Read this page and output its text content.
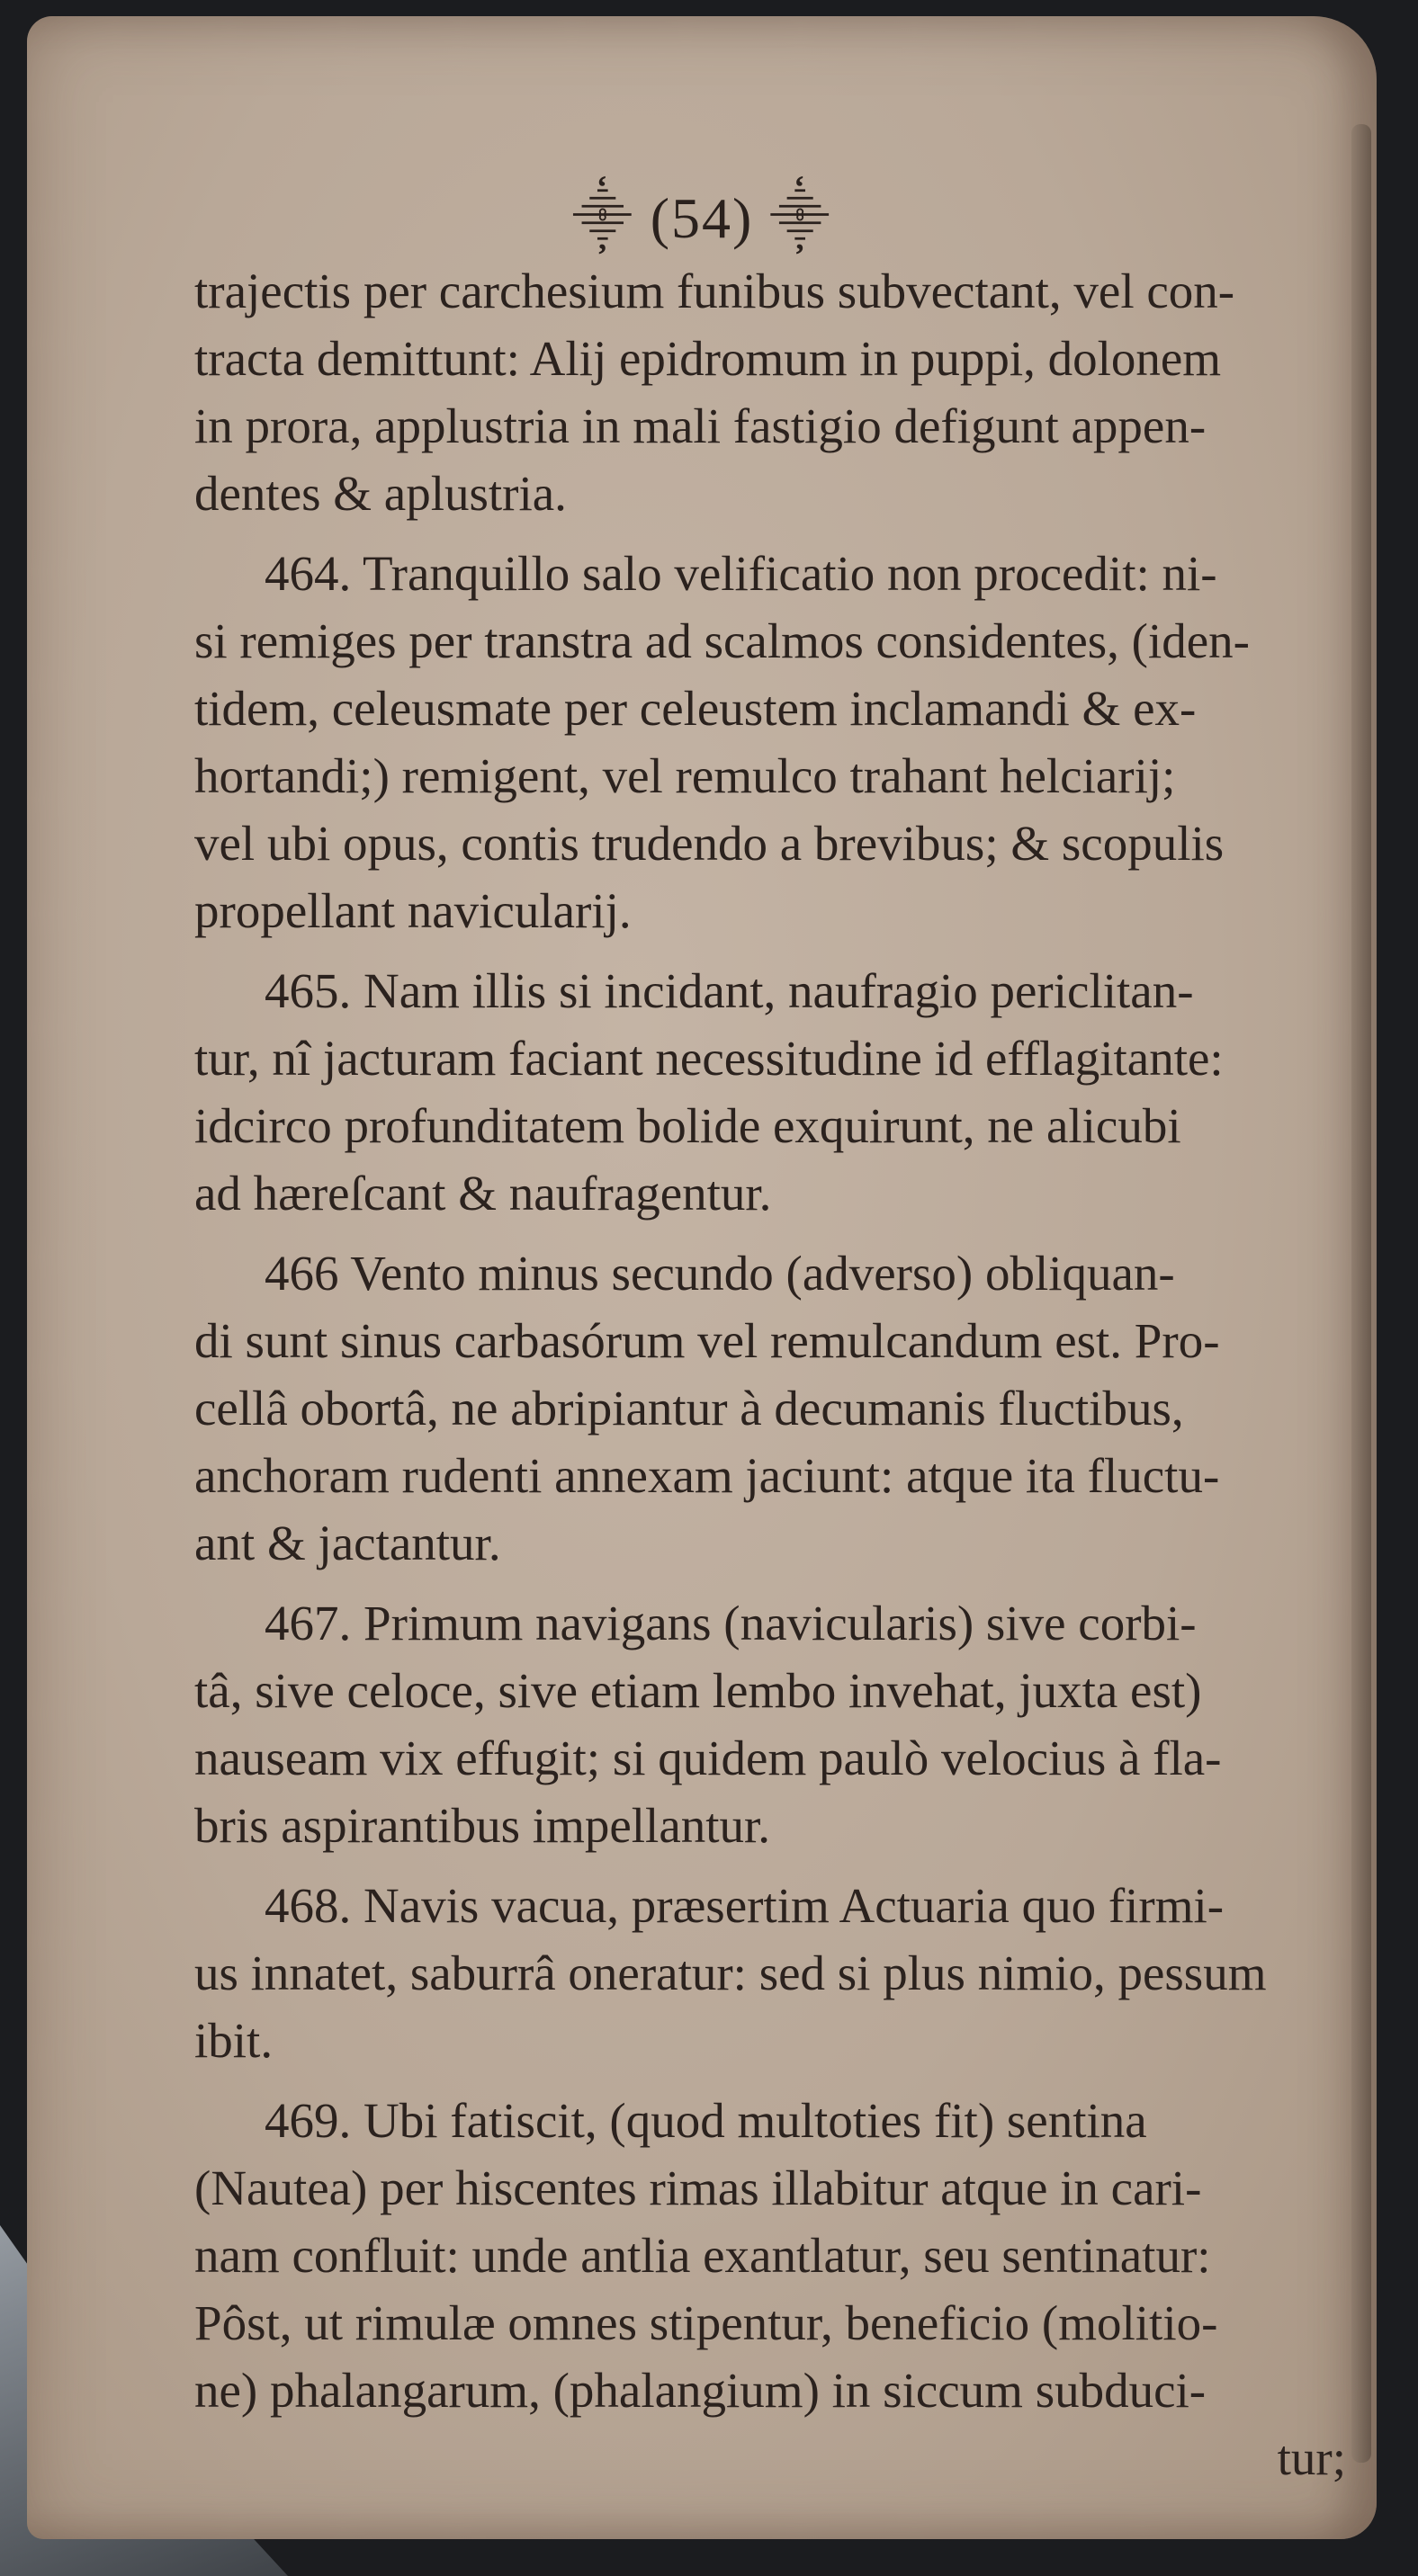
⸎ (54) ⸎
trajectis per carchesium funibus subvectant, vel con-
tracta demittunt: Alij epidromum in puppi, dolonem
in prora, applustria in mali fastigio defigunt appen-
dentes & aplustria.
464. Tranquillo salo velificatio non procedit: ni-
si remiges per transtra ad scalmos considentes, (iden-
tidem, celeusmate per celeustem inclamandi & ex-
hortandi;) remigent, vel remulco trahant helciarij;
vel ubi opus, contis trudendo a brevibus; & scopulis
propellant navicularij.
465. Nam illis si incidant, naufragio periclitan-
tur, nî jacturam faciant necessitudine id efflagitante:
idcirco profunditatem bolide exquirunt, ne alicubi
ad hæreſcant & naufragentur.
466 Vento minus secundo (adverso) obliquan-
di sunt sinus carbasórum vel remulcandum est. Pro-
cellâ obortâ, ne abripiantur à decumanis fluctibus,
anchoram rudenti annexam jaciunt: atque ita fluctu-
ant & jactantur.
467. Primum navigans (navicularis) sive corbi-
tâ, sive celoce, sive etiam lembo invehat, juxta est)
nauseam vix effugit; si quidem paulò velocius à fla-
bris aspirantibus impellantur.
468. Navis vacua, præsertim Actuaria quo firmi-
us innatet, saburrâ oneratur: sed si plus nimio, pessum
ibit.
469. Ubi fatiscit, (quod multoties fit) sentina
(Nautea) per hiscentes rimas illabitur atque in cari-
nam confluit: unde antlia exantlatur, seu sentinatur:
Pôst, ut rimulæ omnes stipentur, beneficio (molitio-
ne) phalangarum, (phalangium) in siccum subduci-
tur;
